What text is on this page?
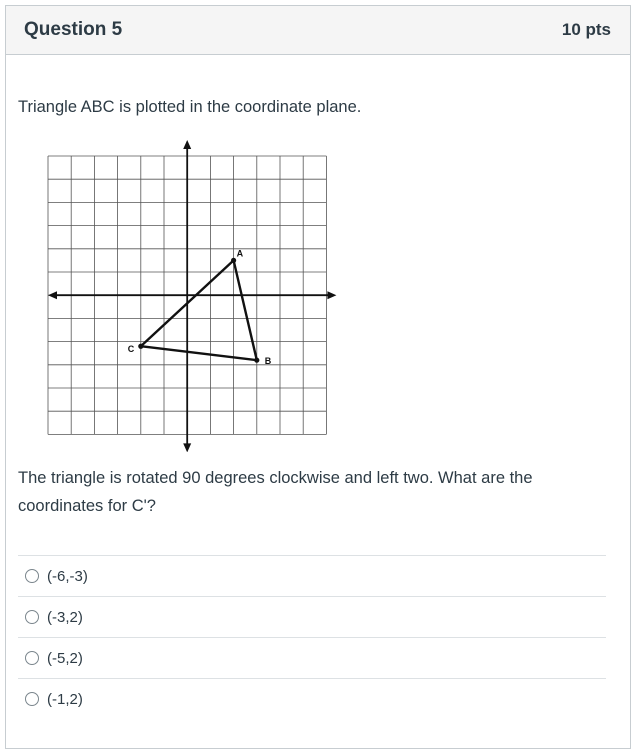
Question 5	10 pts
Triangle ABC is plotted in the coordinate plane.
A
B
C
The triangle is rotated 90 degrees clockwise and left two. What are the coordinates for C'?
(-6,-3)
(-3,2)
(-5,2)
(-1,2)
